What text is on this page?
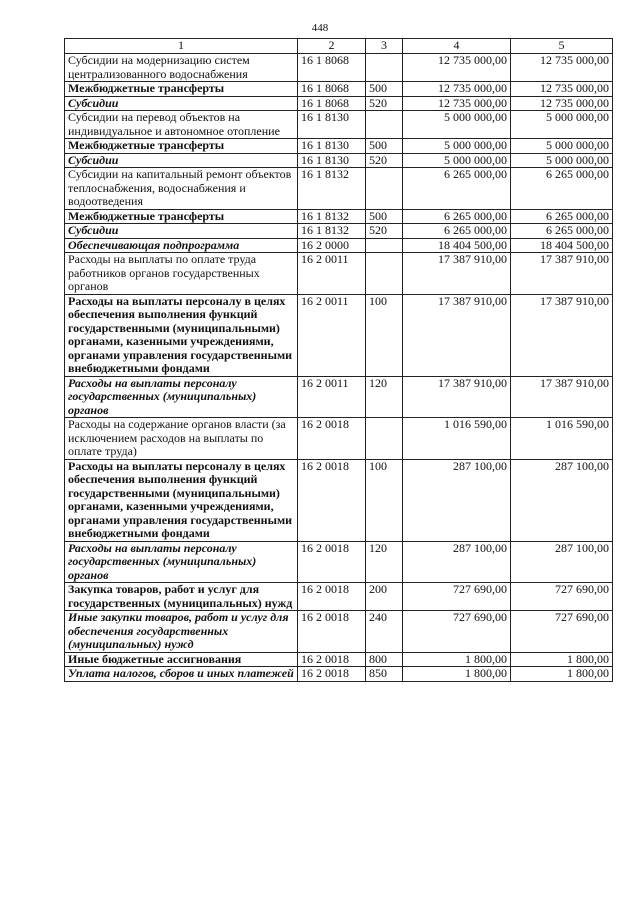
448
1	2	3	4	5
Субсидии на модернизацию систем централизованного водоснабжения	16 1 8068		12 735 000,00	12 735 000,00
Межбюджетные трансферты	16 1 8068	500	12 735 000,00	12 735 000,00
Субсидии	16 1 8068	520	12 735 000,00	12 735 000,00
Субсидии на перевод объектов на индивидуальное и автономное отопление	16 1 8130		5 000 000,00	5 000 000,00
Межбюджетные трансферты	16 1 8130	500	5 000 000,00	5 000 000,00
Субсидии	16 1 8130	520	5 000 000,00	5 000 000,00
Субсидии на капитальный ремонт объектов теплоснабжения, водоснабжения и водоотведения	16 1 8132		6 265 000,00	6 265 000,00
Межбюджетные трансферты	16 1 8132	500	6 265 000,00	6 265 000,00
Субсидии	16 1 8132	520	6 265 000,00	6 265 000,00
Обеспечивающая подпрограмма	16 2 0000		18 404 500,00	18 404 500,00
Расходы на выплаты по оплате труда работников органов государственных органов	16 2 0011		17 387 910,00	17 387 910,00
Расходы на выплаты персоналу в целях обеспечения выполнения функций государственными (муниципальными) органами, казенными учреждениями, органами управления государственными внебюджетными фондами	16 2 0011	100	17 387 910,00	17 387 910,00
Расходы на выплаты персоналу государственных (муниципальных) органов	16 2 0011	120	17 387 910,00	17 387 910,00
Расходы на содержание органов власти (за исключением расходов на выплаты по оплате труда)	16 2 0018		1 016 590,00	1 016 590,00
Расходы на выплаты персоналу в целях обеспечения выполнения функций государственными (муниципальными) органами, казенными учреждениями, органами управления государственными внебюджетными фондами	16 2 0018	100	287 100,00	287 100,00
Расходы на выплаты персоналу государственных (муниципальных) органов	16 2 0018	120	287 100,00	287 100,00
Закупка товаров, работ и услуг для государственных (муниципальных) нужд	16 2 0018	200	727 690,00	727 690,00
Иные закупки товаров, работ и услуг для обеспечения государственных (муниципальных) нужд	16 2 0018	240	727 690,00	727 690,00
Иные бюджетные ассигнования	16 2 0018	800	1 800,00	1 800,00
Уплата налогов, сборов и иных платежей	16 2 0018	850	1 800,00	1 800,00
